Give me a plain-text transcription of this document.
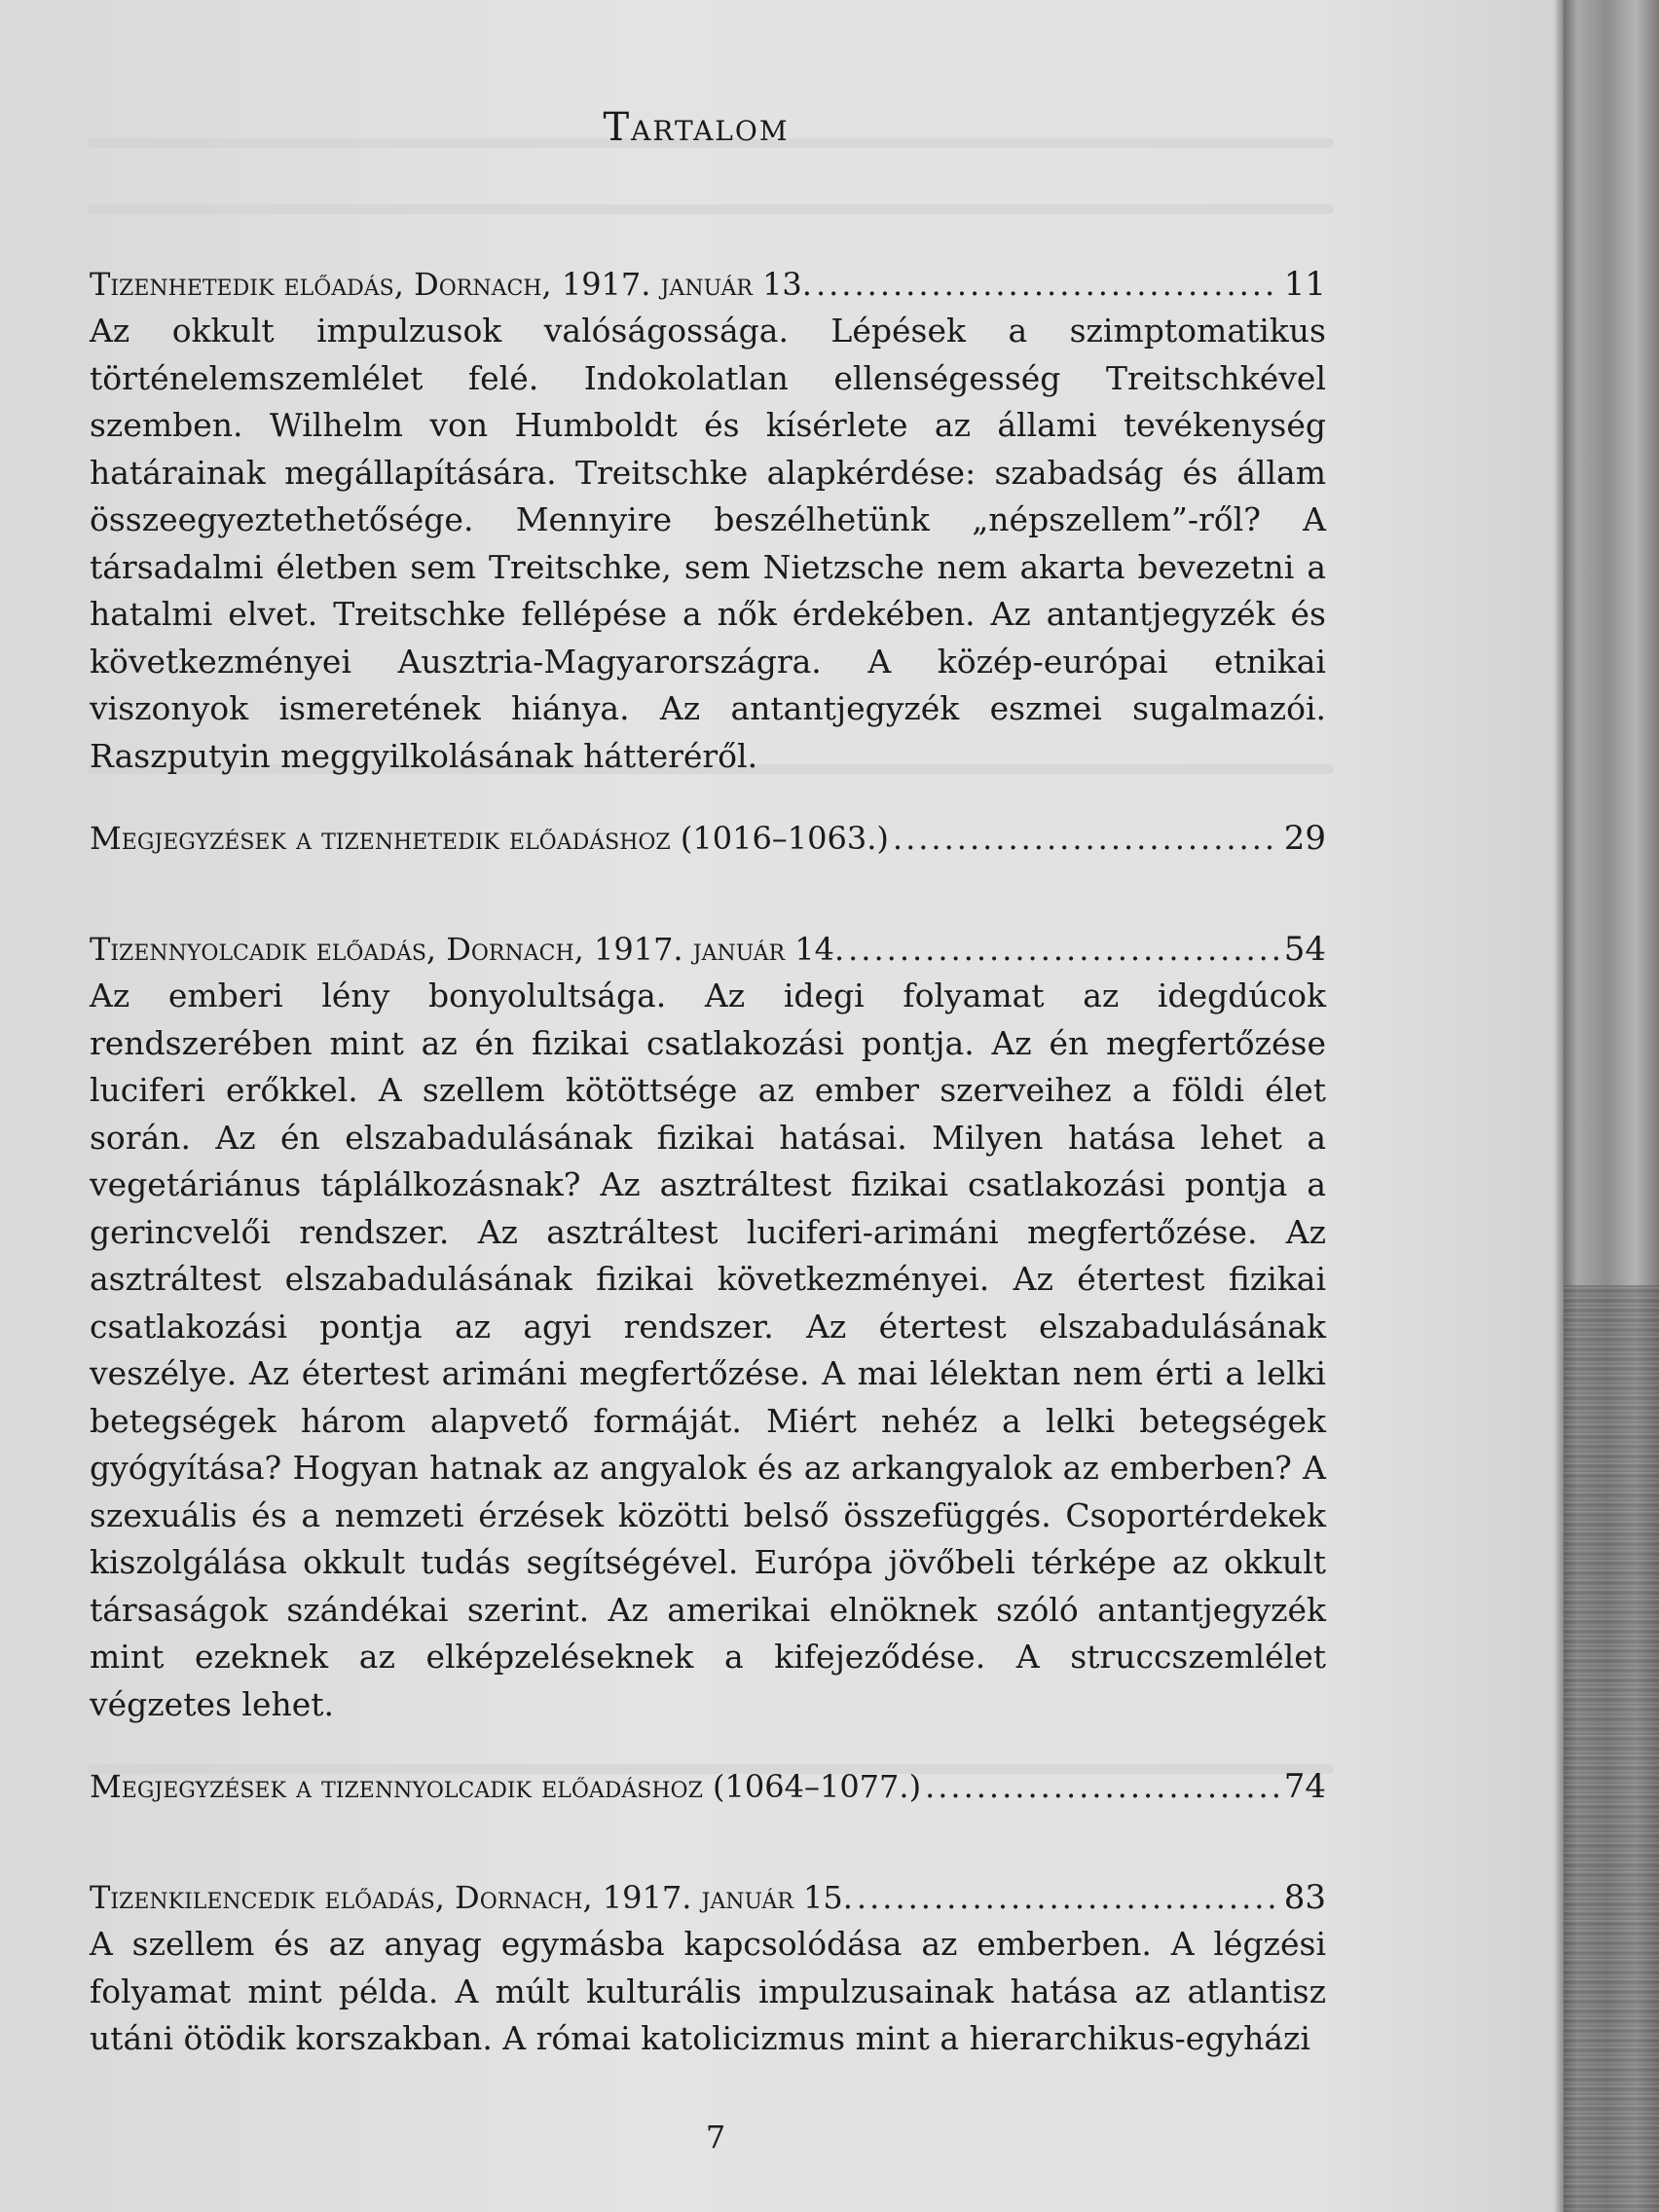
Tartalom
Tizenhetedik előadás, Dornach, 1917. január 13. .....	11

Az okkult impulzusok valóságossága. Lépések a szimptomatikus történelemszemlélet felé. Indokolatlan ellenségesség Treitschkével szemben. Wilhelm von Humboldt és kísérlete az állami tevékenység határainak megállapítására. Treitschke alapkérdése: szabadság és állam összeegyeztethetősége. Mennyire beszélhetünk „népszellem”-ről? A társadalmi életben sem Treitschke, sem Nietzsche nem akarta bevezetni a hatalmi elvet. Treitschke fellépése a nők érdekében. Az antantjegyzék és következményei Ausztria-Magyarországra. A közép-európai etnikai viszonyok ismeretének hiánya. Az antantjegyzék eszmei sugalmazói. Raszputyin meggyilkolásának hátteréről.

Megjegyzések a tizenhetedik előadáshoz (1016–1063.) .....	29
Tizennyolcadik előadás, Dornach, 1917. január 14. .....	54

Az emberi lény bonyolultsága. Az idegi folyamat az idegdúcok rendszerében mint az én fizikai csatlakozási pontja. Az én megfertőzése luciferi erőkkel. A szellem kötöttsége az ember szerveihez a földi élet során. Az én elszabadulásának fizikai hatásai. Milyen hatása lehet a vegetáriánus táplálkozásnak? Az asztráltest fizikai csatlakozási pontja a gerincvelői rendszer. Az asztráltest luciferi-arimáni megfertőzése. Az asztráltest elszabadulásának fizikai következményei. Az étertest fizikai csatlakozási pontja az agyi rendszer. Az étertest elszabadulásának veszélye. Az étertest arimáni megfertőzése. A mai lélektan nem érti a lelki betegségek három alapvető formáját. Miért nehéz a lelki betegségek gyógyítása? Hogyan hatnak az angyalok és az arkangyalok az emberben? A szexuális és a nemzeti érzések közötti belső összefüggés. Csoportérdekek kiszolgálása okkult tudás segítségével. Európa jövőbeli térképe az okkult társaságok szándékai szerint. Az amerikai elnöknek szóló antantjegyzék mint ezeknek az elképzeléseknek a kifejeződése. A struccszemlélet végzetes lehet.

Megjegyzések a tizennyolcadik előadáshoz (1064–1077.) .....	74
Tizenkilencedik előadás, Dornach, 1917. január 15. .....	83

A szellem és az anyag egymásba kapcsolódása az emberben. A légzési folyamat mint példa. A múlt kulturális impulzusainak hatása az atlantisz utáni ötödik korszakban. A római katolicizmus mint a hierarchikus-egyházi

7
